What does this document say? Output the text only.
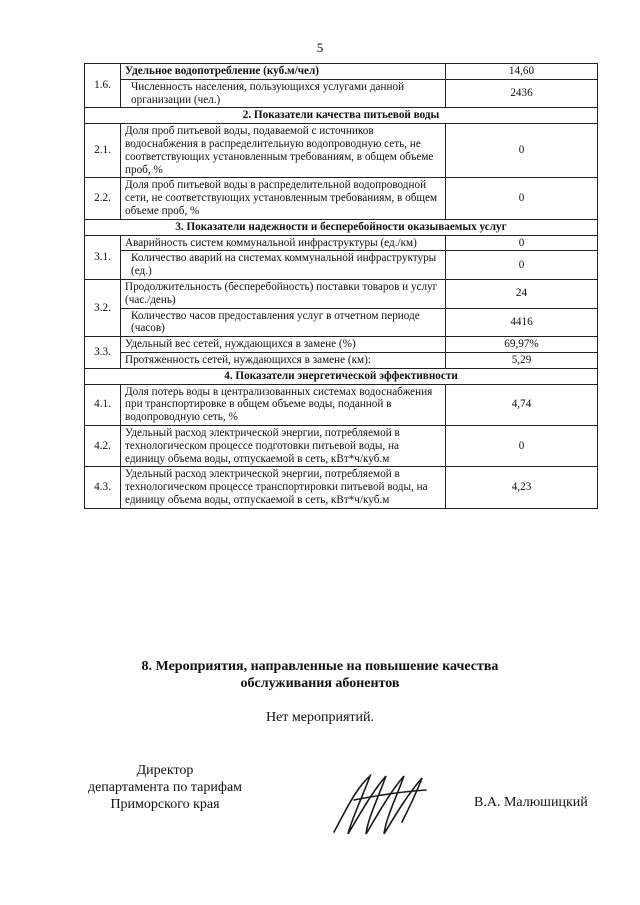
5
1.6.	Удельное водопотребление (куб.м/чел)	14,60
	Численность населения, пользующихся услугами данной организации (чел.)	2436
2. Показатели качества питьевой воды		
2.1.	Доля проб питьевой воды, подаваемой с источников водоснабжения в распределительную водопроводную сеть, не соответствующих установленным требованиям, в общем объеме проб, %	0
2.2.	Доля проб питьевой воды в распределительной водопроводной сети, не соответствующих установленным требованиям, в общем объеме проб, %	0
3. Показатели надежности и бесперебойности оказываемых услуг		
3.1.	Аварийность систем коммунальной инфраструктуры (ед./км)	0
	Количество аварий на системах коммунальной инфраструктуры (ед.)	0
3.2.	Продолжительность (бесперебойность) поставки товаров и услуг (час./день)	24
	Количество часов предоставления услуг в отчетном периоде (часов)	4416
3.3.	Удельный вес сетей, нуждающихся в замене (%)	69,97%
	Протяженность сетей, нуждающихся в замене (км):	5,29
4. Показатели энергетической эффективности		
4.1.	Доля потерь воды в централизованных системах водоснабжения при транспортировке в общем объеме воды, поданной в водопроводную сеть, %	4,74
4.2.	Удельный расход электрической энергии, потребляемой в технологическом процессе подготовки питьевой воды, на единицу объема воды, отпускаемой в сеть, кВт*ч/куб.м	0
4.3.	Удельный расход электрической энергии, потребляемой в технологическом процессе транспортировки питьевой воды, на единицу объема воды, отпускаемой в сеть, кВт*ч/куб.м	4,23
8. Мероприятия, направленные на повышение качества
обслуживания абонентов
Нет мероприятий.
Директор
департамента по тарифам
Приморского края	В.А. Малюшицкий
